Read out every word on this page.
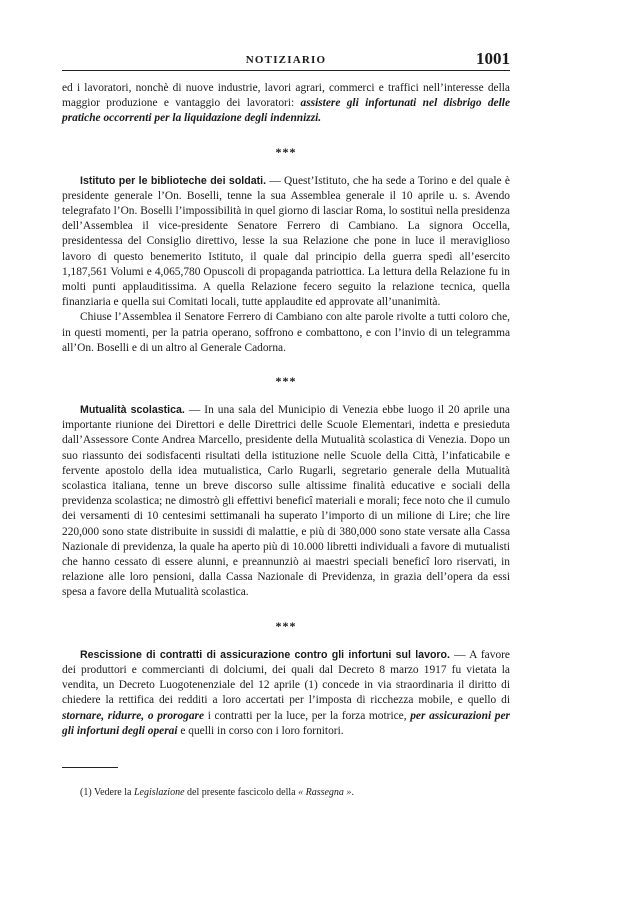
NOTIZIARIO	1001

ed i lavoratori, nonchè di nuove industrie, lavori agrari, commerci e traffici nell’interesse della maggior produzione e vantaggio dei lavoratori: assistere gli infortunati nel disbrigo delle pratiche occorrenti per la liquidazione degli indennizzi.

***

Istituto per le biblioteche dei soldati. — Quest’Istituto, che ha sede a Torino e del quale è presidente generale l’On. Boselli, tenne la sua Assemblea generale il 10 aprile u. s. Avendo telegrafato l’On. Boselli l’impossibilità in quel giorno di lasciar Roma, lo sostituì nella presidenza dell’Assemblea il vice-presidente Senatore Ferrero di Cambiano. La signora Occella, presidentessa del Consiglio direttivo, lesse la sua Relazione che pone in luce il meraviglioso lavoro di questo benemerito Istituto, il quale dal principio della guerra spedì all’esercito 1,187,561 Volumi e 4,065,780 Opuscoli di propaganda patriottica. La lettura della Relazione fu in molti punti applauditissima. A quella Relazione fecero seguito la relazione tecnica, quella finanziaria e quella sui Comitati locali, tutte applaudite ed approvate all’unanimità.

Chiuse l’Assemblea il Senatore Ferrero di Cambiano con alte parole rivolte a tutti coloro che, in questi momenti, per la patria operano, soffrono e combattono, e con l’invio di un telegramma all’On. Boselli e di un altro al Generale Cadorna.

***

Mutualità scolastica. — In una sala del Municipio di Venezia ebbe luogo il 20 aprile una importante riunione dei Direttori e delle Direttrici delle Scuole Elementari, indetta e presieduta dall’Assessore Conte Andrea Marcello, presidente della Mutualità scolastica di Venezia. Dopo un suo riassunto dei sodisfacenti risultati della istituzione nelle Scuole della Città, l’infaticabile e fervente apostolo della idea mutualistica, Carlo Rugarli, segretario generale della Mutualità scolastica italiana, tenne un breve discorso sulle altissime finalità educative e sociali della previdenza scolastica; ne dimostrò gli effettivi beneficî materiali e morali; fece noto che il cumulo dei versamenti di 10 centesimi settimanali ha superato l’importo di un milione di Lire; che lire 220,000 sono state distribuite in sussidi di malattie, e più di 380,000 sono state versate alla Cassa Nazionale di previdenza, la quale ha aperto più di 10.000 libretti individuali a favore di mutualisti che hanno cessato di essere alunni, e preannunziò ai maestri speciali beneficî loro riservati, in relazione alle loro pensioni, dalla Cassa Nazionale di Previdenza, in grazia dell’opera da essi spesa a favore della Mutualità scolastica.

***

Rescissione di contratti di assicurazione contro gli infortuni sul lavoro. — A favore dei produttori e commercianti di dolciumi, dei quali dal Decreto 8 marzo 1917 fu vietata la vendita, un Decreto Luogotenenziale del 12 aprile (1) concede in via straordinaria il diritto di chiedere la rettifica dei redditi a loro accertati per l’imposta di ricchezza mobile, e quello di stornare, ridurre, o prorogare i contratti per la luce, per la forza motrice, per assicurazioni per gli infortuni degli operai e quelli in corso con i loro fornitori.

(1) Vedere la Legislazione del presente fascicolo della « Rassegna ».
